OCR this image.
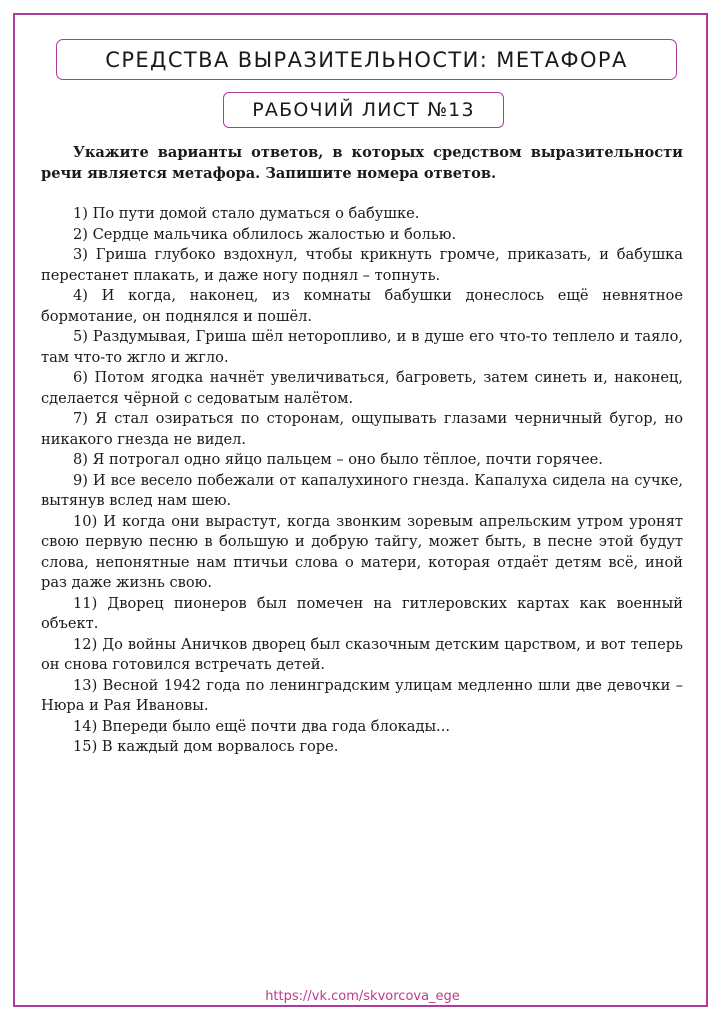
СРЕДСТВА ВЫРАЗИТЕЛЬНОСТИ: МЕТАФОРА
РАБОЧИЙ ЛИСТ №13

Укажите варианты ответов, в которых средством выразительности речи является метафора. Запишите номера ответов.

1) По пути домой стало думаться о бабушке.

2) Сердце мальчика облилось жалостью и болью.

3) Гриша глубоко вздохнул, чтобы крикнуть громче, приказать, и бабушка перестанет плакать, и даже ногу поднял – топнуть.

4) И когда, наконец, из комнаты бабушки донеслось ещё невнятное бормотание, он поднялся и пошёл.

5) Раздумывая, Гриша шёл неторопливо, и в душе его что-то теплело и таяло, там что-то жгло и жгло.

6) Потом ягодка начнёт увеличиваться, багроветь, затем синеть и, наконец, сделается чёрной с седоватым налётом.

7) Я стал озираться по сторонам, ощупывать глазами черничный бугор, но никакого гнезда не видел.

8) Я потрогал одно яйцо пальцем – оно было тёплое, почти горячее.

9) И все весело побежали от капалухиного гнезда. Капалуха сидела на сучке, вытянув вслед нам шею.

10) И когда они вырастут, когда звонким зоревым апрельским утром уронят свою первую песню в большую и добрую тайгу, может быть, в песне этой будут слова, непонятные нам птичьи слова о матери, которая отдаёт детям всё, иной раз даже жизнь свою.

11) Дворец пионеров был помечен на гитлеровских картах как военный объект.

12) До войны Аничков дворец был сказочным детским царством, и вот теперь он снова готовился встречать детей.

13) Весной 1942 года по ленинградским улицам медленно шли две девочки – Нюра и Рая Ивановы.

14) Впереди было ещё почти два года блокады...

15) В каждый дом ворвалось горе.

https://vk.com/skvorcova_ege
